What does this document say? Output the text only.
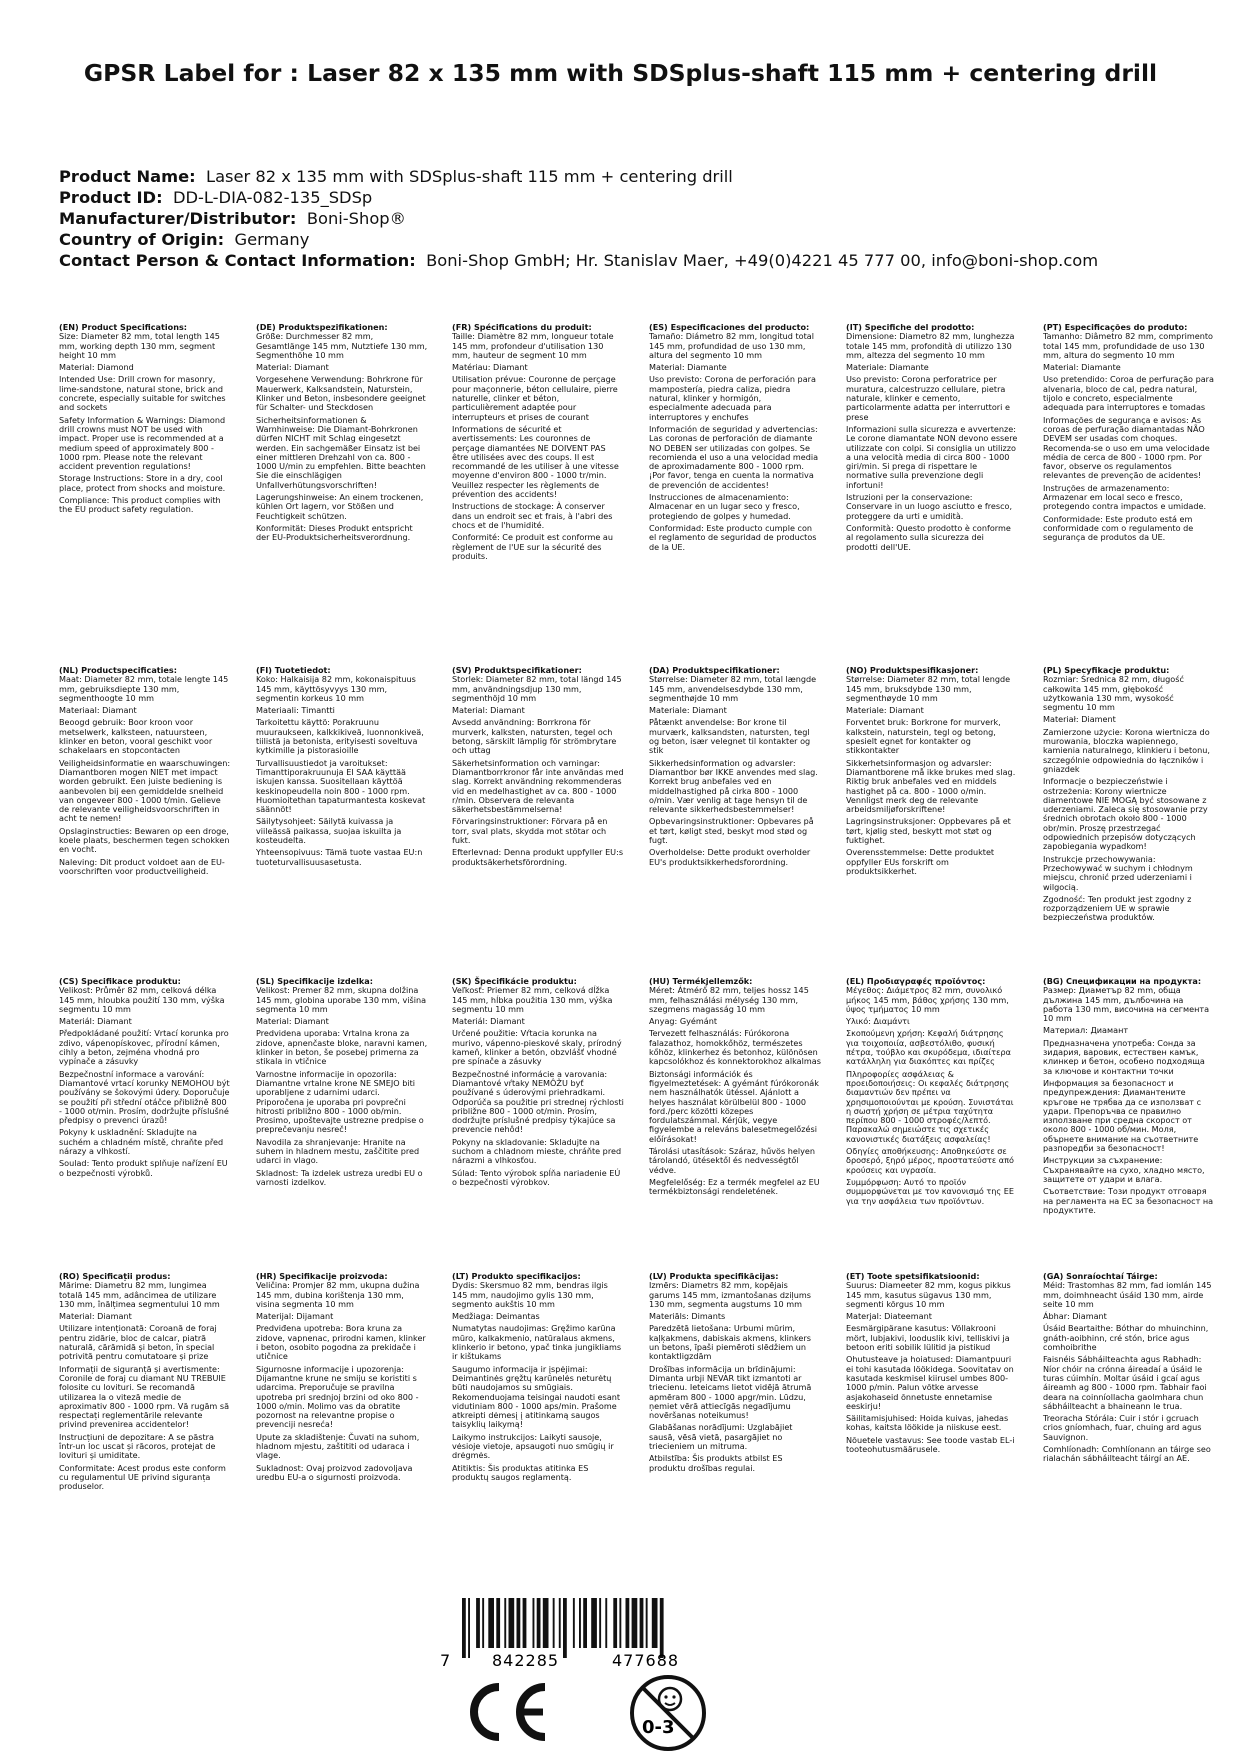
GPSR Label for : Laser 82 x 135 mm with SDSplus-shaft 115 mm + centering drill
Product Name: Laser 82 x 135 mm with SDSplus-shaft 115 mm + centering drill
Product ID: DD-L-DIA-082-135_SDSp
Manufacturer/Distributor: Boni-Shop®
Country of Origin: Germany
Contact Person & Contact Information: Boni-Shop GmbH; Hr. Stanislav Maer, +49(0)4221 45 777 00, info@boni-shop.com
(EN) Product Specifications:

Size: Diameter 82 mm, total length 145 mm, working depth 130 mm, segment height 10 mm

Material: Diamond

Intended Use: Drill crown for masonry, lime-sandstone, natural stone, brick and concrete, especially suitable for switches and sockets

Safety Information & Warnings: Diamond drill crowns must NOT be used with impact. Proper use is recommended at a medium speed of approximately 800 - 1000 rpm. Please note the relevant accident prevention regulations!

Storage Instructions: Store in a dry, cool place, protect from shocks and moisture.

Compliance: This product complies with the EU product safety regulation.

(DE) Produktspezifikationen:

Größe: Durchmesser 82 mm, Gesamtlänge 145 mm, Nutztiefe 130 mm, Segmenthöhe 10 mm

Material: Diamant

Vorgesehene Verwendung: Bohrkrone für Mauerwerk, Kalksandstein, Naturstein, Klinker und Beton, insbesondere geeignet für Schalter- und Steckdosen

Sicherheitsinformationen & Warnhinweise: Die Diamant-Bohrkronen dürfen NICHT mit Schlag eingesetzt werden. Ein sachgemäßer Einsatz ist bei einer mittleren Drehzahl von ca. 800 - 1000 U/min zu empfehlen. Bitte beachten Sie die einschlägigen Unfallverhütungsvorschriften!

Lagerungshinweise: An einem trockenen, kühlen Ort lagern, vor Stößen und Feuchtigkeit schützen.

Konformität: Dieses Produkt entspricht der EU-Produktsicherheitsverordnung.

(FR) Spécifications du produit:

Taille: Diamètre 82 mm, longueur totale 145 mm, profondeur d'utilisation 130 mm, hauteur de segment 10 mm

Matériau: Diamant

Utilisation prévue: Couronne de perçage pour maçonnerie, béton cellulaire, pierre naturelle, clinker et béton, particulièrement adaptée pour interrupteurs et prises de courant

Informations de sécurité et avertissements: Les couronnes de perçage diamantées NE DOIVENT PAS être utilisées avec des coups. Il est recommandé de les utiliser à une vitesse moyenne d'environ 800 - 1000 tr/min. Veuillez respecter les règlements de prévention des accidents!

Instructions de stockage: À conserver dans un endroit sec et frais, à l'abri des chocs et de l'humidité.

Conformité: Ce produit est conforme au règlement de l'UE sur la sécurité des produits.

(ES) Especificaciones del producto:

Tamaño: Diámetro 82 mm, longitud total 145 mm, profundidad de uso 130 mm, altura del segmento 10 mm

Material: Diamante

Uso previsto: Corona de perforación para mampostería, piedra caliza, piedra natural, klinker y hormigón, especialmente adecuada para interruptores y enchufes

Información de seguridad y advertencias: Las coronas de perforación de diamante NO DEBEN ser utilizadas con golpes. Se recomienda el uso a una velocidad media de aproximadamente 800 - 1000 rpm. ¡Por favor, tenga en cuenta la normativa de prevención de accidentes!

Instrucciones de almacenamiento: Almacenar en un lugar seco y fresco, protegiendo de golpes y humedad.

Conformidad: Este producto cumple con el reglamento de seguridad de productos de la UE.

(IT) Specifiche del prodotto:

Dimensione: Diametro 82 mm, lunghezza totale 145 mm, profondità di utilizzo 130 mm, altezza del segmento 10 mm

Materiale: Diamante

Uso previsto: Corona perforatrice per muratura, calcestruzzo cellulare, pietra naturale, klinker e cemento, particolarmente adatta per interruttori e prese

Informazioni sulla sicurezza e avvertenze: Le corone diamantate NON devono essere utilizzate con colpi. Si consiglia un utilizzo a una velocità media di circa 800 - 1000 giri/min. Si prega di rispettare le normative sulla prevenzione degli infortuni!

Istruzioni per la conservazione: Conservare in un luogo asciutto e fresco, proteggere da urti e umidità.

Conformità: Questo prodotto è conforme al regolamento sulla sicurezza dei prodotti dell'UE.

(PT) Especificações do produto:

Tamanho: Diâmetro 82 mm, comprimento total 145 mm, profundidade de uso 130 mm, altura do segmento 10 mm

Material: Diamante

Uso pretendido: Coroa de perfuração para alvenaria, bloco de cal, pedra natural, tijolo e concreto, especialmente adequada para interruptores e tomadas

Informações de segurança e avisos: As coroas de perfuração diamantadas NÃO DEVEM ser usadas com choques. Recomenda-se o uso em uma velocidade média de cerca de 800 - 1000 rpm. Por favor, observe os regulamentos relevantes de prevenção de acidentes!

Instruções de armazenamento: Armazenar em local seco e fresco, protegendo contra impactos e umidade.

Conformidade: Este produto está em conformidade com o regulamento de segurança de produtos da UE.

(NL) Productspecificaties:

Maat: Diameter 82 mm, totale lengte 145 mm, gebruiksdiepte 130 mm, segmenthoogte 10 mm

Materiaal: Diamant

Beoogd gebruik: Boor kroon voor metselwerk, kalksteen, natuursteen, klinker en beton, vooral geschikt voor schakelaars en stopcontacten

Veiligheidsinformatie en waarschuwingen: Diamantboren mogen NIET met impact worden gebruikt. Een juiste bediening is aanbevolen bij een gemiddelde snelheid van ongeveer 800 - 1000 t/min. Gelieve de relevante veiligheidsvoorschriften in acht te nemen!

Opslaginstructies: Bewaren op een droge, koele plaats, beschermen tegen schokken en vocht.

Naleving: Dit product voldoet aan de EU-voorschriften voor productveiligheid.

(FI) Tuotetiedot:

Koko: Halkaisija 82 mm, kokonaispituus 145 mm, käyttösyvyys 130 mm, segmentin korkeus 10 mm

Materiaali: Timantti

Tarkoitettu käyttö: Porakruunu muuraukseen, kalkkikiveä, luonnonkiveä, tiilistä ja betonista, erityisesti soveltuva kytkimille ja pistorasioille

Turvallisuustiedot ja varoitukset: Timanttiporakruunuja EI SAA käyttää iskujen kanssa. Suositellaan käyttöä keskinopeudella noin 800 - 1000 rpm. Huomioitethan tapaturmantesta koskevat säännöt!

Säilytysohjeet: Säilytä kuivassa ja viileässä paikassa, suojaa iskuilta ja kosteudelta.

Yhteensopivuus: Tämä tuote vastaa EU:n tuoteturvallisuusasetusta.

(SV) Produktspecifikationer:

Storlek: Diameter 82 mm, total längd 145 mm, användningsdjup 130 mm, segmenthöjd 10 mm

Material: Diamant

Avsedd användning: Borrkrona för murverk, kalksten, natursten, tegel och betong, särskilt lämplig för strömbrytare och uttag

Säkerhetsinformation och varningar: Diamantborrkronor får inte användas med slag. Korrekt användning rekommenderas vid en medelhastighet av ca. 800 - 1000 r/min. Observera de relevanta säkerhetsbestämmelserna!

Förvaringsinstruktioner: Förvara på en torr, sval plats, skydda mot stötar och fukt.

Efterlevnad: Denna produkt uppfyller EU:s produktsäkerhetsförordning.

(DA) Produktspecifikationer:

Størrelse: Diameter 82 mm, total længde 145 mm, anvendelsesdybde 130 mm, segmenthøjde 10 mm

Materiale: Diamant

Påtænkt anvendelse: Bor krone til murværk, kalksandsten, natursten, tegl og beton, især velegnet til kontakter og stik

Sikkerhedsinformation og advarsler: Diamantbor bør IKKE anvendes med slag. Korrekt brug anbefales ved en middelhastighed på cirka 800 - 1000 o/min. Vær venlig at tage hensyn til de relevante sikkerhedsbestemmelser!

Opbevaringsinstruktioner: Opbevares på et tørt, køligt sted, beskyt mod stød og fugt.

Overholdelse: Dette produkt overholder EU's produktsikkerhedsforordning.

(NO) Produktspesifikasjoner:

Størrelse: Diameter 82 mm, total lengde 145 mm, bruksdybde 130 mm, segmenthøyde 10 mm

Materiale: Diamant

Forventet bruk: Borkrone for murverk, kalkstein, naturstein, tegl og betong, spesielt egnet for kontakter og stikkontakter

Sikkerhetsinformasjon og advarsler: Diamantborene må ikke brukes med slag. Riktig bruk anbefales ved en middels hastighet på ca. 800 - 1000 o/min. Vennligst merk deg de relevante arbeidsmiljøforskriftene!

Lagringsinstruksjoner: Oppbevares på et tørt, kjølig sted, beskytt mot støt og fuktighet.

Overensstemmelse: Dette produktet oppfyller EUs forskrift om produktsikkerhet.

(PL) Specyfikacje produktu:

Rozmiar: Średnica 82 mm, długość całkowita 145 mm, głębokość użytkowania 130 mm, wysokość segmentu 10 mm

Materiał: Diament

Zamierzone użycie: Korona wiertnicza do murowania, bloczka wapiennego, kamienia naturalnego, klinkieru i betonu, szczególnie odpowiednia do łączników i gniazdek

Informacje o bezpieczeństwie i ostrzeżenia: Korony wiertnicze diamentowe NIE MOGĄ być stosowane z uderzeniami. Zaleca się stosowanie przy średnich obrotach około 800 - 1000 obr/min. Proszę przestrzegać odpowiednich przepisów dotyczących zapobiegania wypadkom!

Instrukcje przechowywania: Przechowywać w suchym i chłodnym miejscu, chronić przed uderzeniami i wilgocią.

Zgodność: Ten produkt jest zgodny z rozporządzeniem UE w sprawie bezpieczeństwa produktów.

(CS) Specifikace produktu:

Velikost: Průměr 82 mm, celková délka 145 mm, hloubka použití 130 mm, výška segmentu 10 mm

Materiál: Diamant

Předpokládané použití: Vrtací korunka pro zdivo, vápenopískovec, přírodní kámen, cihly a beton, zejména vhodná pro vypínače a zásuvky

Bezpečnostní informace a varování: Diamantové vrtací korunky NEMOHOU být používány se šokovými údery. Doporučuje se použití při střední otáčce přibližně 800 - 1000 ot/min. Prosím, dodržujte příslušné předpisy o prevenci úrazů!

Pokyny k uskladnění: Skladujte na suchém a chladném místě, chraňte před nárazy a vlhkostí.

Soulad: Tento produkt splňuje nařízení EU o bezpečnosti výrobků.

(SL) Specifikacije izdelka:

Velikost: Premer 82 mm, skupna dolžina 145 mm, globina uporabe 130 mm, višina segmenta 10 mm

Material: Diamant

Predvidena uporaba: Vrtalna krona za zidove, apnenčaste bloke, naravni kamen, klinker in beton, še posebej primerna za stikala in vtičnice

Varnostne informacije in opozorila: Diamantne vrtalne krone NE SMEJO biti uporabljene z udarnimi udarci. Priporočena je uporaba pri povprečni hitrosti približno 800 - 1000 ob/min. Prosimo, upoštevajte ustrezne predpise o preprečevanju nesreč!

Navodila za shranjevanje: Hranite na suhem in hladnem mestu, zaščitite pred udarci in vlago.

Skladnost: Ta izdelek ustreza uredbi EU o varnosti izdelkov.

(SK) Špecifikácie produktu:

Veľkosť: Priemer 82 mm, celková dĺžka 145 mm, hĺbka použitia 130 mm, výška segmentu 10 mm

Materiál: Diamant

Určené použitie: Vŕtacia korunka na murivo, vápenno-pieskové skaly, prírodný kameň, klinker a betón, obzvlášť vhodné pre spínače a zásuvky

Bezpečnostné informácie a varovania: Diamantové vŕtaky NEMÔŽU byť používané s úderovými priehradkami. Odporúča sa použitie pri strednej rýchlosti približne 800 - 1000 ot/min. Prosím, dodržujte príslušné predpisy týkajúce sa prevencie nehôd!

Pokyny na skladovanie: Skladujte na suchom a chladnom mieste, chráňte pred nárazmi a vlhkosťou.

Súlad: Tento výrobok spĺňa nariadenie EÚ o bezpečnosti výrobkov.

(HU) Termékjellemzők:

Méret: Átmérő 82 mm, teljes hossz 145 mm, felhasználási mélység 130 mm, szegmens magasság 10 mm

Anyag: Gyémánt

Tervezett felhasználás: Fúrókorona falazathoz, homokkőhöz, természetes kőhöz, klinkerhez és betonhoz, különösen kapcsolókhoz és konnektorokhoz alkalmas

Biztonsági információk és figyelmeztetések: A gyémánt fúrókoronák nem használhatók ütéssel. Ajánlott a helyes használat körülbelül 800 - 1000 ford./perc közötti közepes fordulatszámmal. Kérjük, vegye figyelembe a releváns balesetmegelőzési előírásokat!

Tárolási utasítások: Száraz, hűvös helyen tárolandó, ütésektől és nedvességtől védve.

Megfelelőség: Ez a termék megfelel az EU termékbiztonsági rendeletének.

(EL) Προδιαγραφές προϊόντος:

Μέγεθος: Διάμετρος 82 mm, συνολικό μήκος 145 mm, βάθος χρήσης 130 mm, ύψος τμήματος 10 mm

Υλικό: Διαμάντι

Σκοπούμενη χρήση: Κεφαλή διάτρησης για τοιχοποιία, ασβεστόλιθο, φυσική πέτρα, τούβλο και σκυρόδεμα, ιδιαίτερα κατάλληλη για διακόπτες και πρίζες

Πληροφορίες ασφάλειας & προειδοποιήσεις: Οι κεφαλές διάτρησης διαμαντιών δεν πρέπει να χρησιμοποιούνται με κρούση. Συνιστάται η σωστή χρήση σε μέτρια ταχύτητα περίπου 800 - 1000 στροφές/λεπτό. Παρακαλώ σημειώστε τις σχετικές κανονιστικές διατάξεις ασφαλείας!

Οδηγίες αποθήκευσης: Αποθηκεύστε σε δροσερό, ξηρό μέρος, προστατεύστε από κρούσεις και υγρασία.

Συμμόρφωση: Αυτό το προϊόν συμμορφώνεται με τον κανονισμό της ΕΕ για την ασφάλεια των προϊόντων.

(BG) Спецификации на продукта:

Размер: Диаметър 82 mm, обща дължина 145 mm, дълбочина на работа 130 mm, височина на сегмента 10 mm

Материал: Диамант

Предназначена употреба: Сонда за зидария, варовик, естествен камък, клинкер и бетон, особено подходяща за ключове и контактни точки

Информация за безопасност и предупреждения: Диамантените кръгове не трябва да се използват с удари. Препоръчва се правилно използване при средна скорост от около 800 - 1000 об/мин. Моля, обърнете внимание на съответните разпоредби за безопасност!

Инструкции за съхранение: Съхранявайте на сухо, хладно място, защитете от удари и влага.

Съответствие: Този продукт отговаря на регламента на ЕС за безопасност на продуктите.

(RO) Specificații produs:

Mărime: Diametru 82 mm, lungimea totală 145 mm, adâncimea de utilizare 130 mm, înălțimea segmentului 10 mm

Material: Diamant

Utilizare intenționată: Coroană de foraj pentru zidărie, bloc de calcar, piatră naturală, cărămidă și beton, în special potrivită pentru comutatoare și prize

Informații de siguranță și avertismente: Coronile de foraj cu diamant NU TREBUIE folosite cu lovituri. Se recomandă utilizarea la o viteză medie de aproximativ 800 - 1000 rpm. Vă rugăm să respectați reglementările relevante privind prevenirea accidentelor!

Instrucțiuni de depozitare: A se păstra într-un loc uscat și răcoros, protejat de lovituri și umiditate.

Conformitate: Acest produs este conform cu regulamentul UE privind siguranța produselor.

(HR) Specifikacije proizvoda:

Veličina: Promjer 82 mm, ukupna dužina 145 mm, dubina korištenja 130 mm, visina segmenta 10 mm

Materijal: Dijamant

Predviđena upotreba: Bora kruna za zidove, vapnenac, prirodni kamen, klinker i beton, osobito pogodna za prekidače i utičnice

Sigurnosne informacije i upozorenja: Dijamantne krune ne smiju se koristiti s udarcima. Preporučuje se pravilna upotreba pri srednjoj brzini od oko 800 - 1000 o/min. Molimo vas da obratite pozornost na relevantne propise o prevenciji nesreća!

Upute za skladištenje: Čuvati na suhom, hladnom mjestu, zaštititi od udaraca i vlage.

Sukladnost: Ovaj proizvod zadovoljava uredbu EU-a o sigurnosti proizvoda.

(LT) Produkto specifikacijos:

Dydis: Skersmuo 82 mm, bendras ilgis 145 mm, naudojimo gylis 130 mm, segmento aukštis 10 mm

Medžiaga: Deimantas

Numatytas naudojimas: Gręžimo karūna mūro, kalkakmenio, natūralaus akmens, klinkerio ir betono, ypač tinka jungikliams ir kištukams

Saugumo informacija ir įspėjimai: Deimantinės gręžtų karūnelės neturėtų būti naudojamos su smūgiais. Rekomenduojama teisingai naudoti esant vidutiniam 800 - 1000 aps/min. Prašome atkreipti dėmesį į atitinkamą saugos taisyklių laikymą!

Laikymo instrukcijos: Laikyti sausoje, vėsioje vietoje, apsaugoti nuo smūgių ir drėgmės.

Atitiktis: Šis produktas atitinka ES produktų saugos reglamentą.

(LV) Produkta specifikācijas:

Izmērs: Diametrs 82 mm, kopējais garums 145 mm, izmantošanas dziļums 130 mm, segmenta augstums 10 mm

Materiāls: Dimants

Paredzētā lietošana: Urbumi mūrim, kaļķakmens, dabiskais akmens, klinkers un betons, īpaši piemēroti slēdžiem un kontaktligzdām

Drošības informācija un brīdinājumi: Dimanta urbji NEVAR tikt izmantoti ar triecienu. Ieteicams lietot vidējā ātrumā apmēram 800 - 1000 apgr/min. Lūdzu, ņemiet vērā attiecīgās negadījumu novēršanas noteikumus!

Glabāšanas norādījumi: Uzglabājiet sausā, vēsā vietā, pasargājiet no triecieniem un mitruma.

Atbilstība: Šis produkts atbilst ES produktu drošības regulai.

(ET) Toote spetsifikatsioonid:

Suurus: Diameeter 82 mm, kogus pikkus 145 mm, kasutus sügavus 130 mm, segmenti kõrgus 10 mm

Materjal: Diateemant

Eesmärgipärane kasutus: Völlakrooni mört, lubjakivi, looduslik kivi, telliskivi ja betoon eriti sobilik lülitid ja pistikud

Ohutusteave ja hoiatused: Diamantpuuri ei tohi kasutada löökidega. Soovitatav on kasutada keskmisel kiirusel umbes 800-1000 p/min. Palun võtke arvesse asjakohaseid õnnetuste ennetamise eeskirju!

Säilitamisjuhised: Hoida kuivas, jahedas kohas, kaitsta löökide ja niiskuse eest.

Nõuetele vastavus: See toode vastab EL-i tooteohutusmäärusele.

(GA) Sonraíochtaí Táirge:

Méid: Trastomhas 82 mm, fad iomlán 145 mm, doimhneacht úsáid 130 mm, airde seite 10 mm

Ábhar: Diamant

Úsáid Beartaithe: Bóthar do mhuinchinn, gnáth-aoibhinn, cré stón, brice agus comhoibrithe

Faisnéis Sábháilteachta agus Rabhadh: Níor chóir na crónna áireadaí a úsáid le turas cúimhín. Moltar úsáid i gcaí agus áireamh ag 800 - 1000 rpm. Tabhair faoi deara na coinníollacha gaolmhara chun sábháilteacht a bhaineann le trua.

Treoracha Stórála: Cuir i stór i gcruach crios gníomhach, fuar, chuing ard agus Sauvignon.

Comhlíonadh: Comhlíonann an táirge seo rialachán sábháilteacht táirgí an AE.

7	842285	477688
0-3
